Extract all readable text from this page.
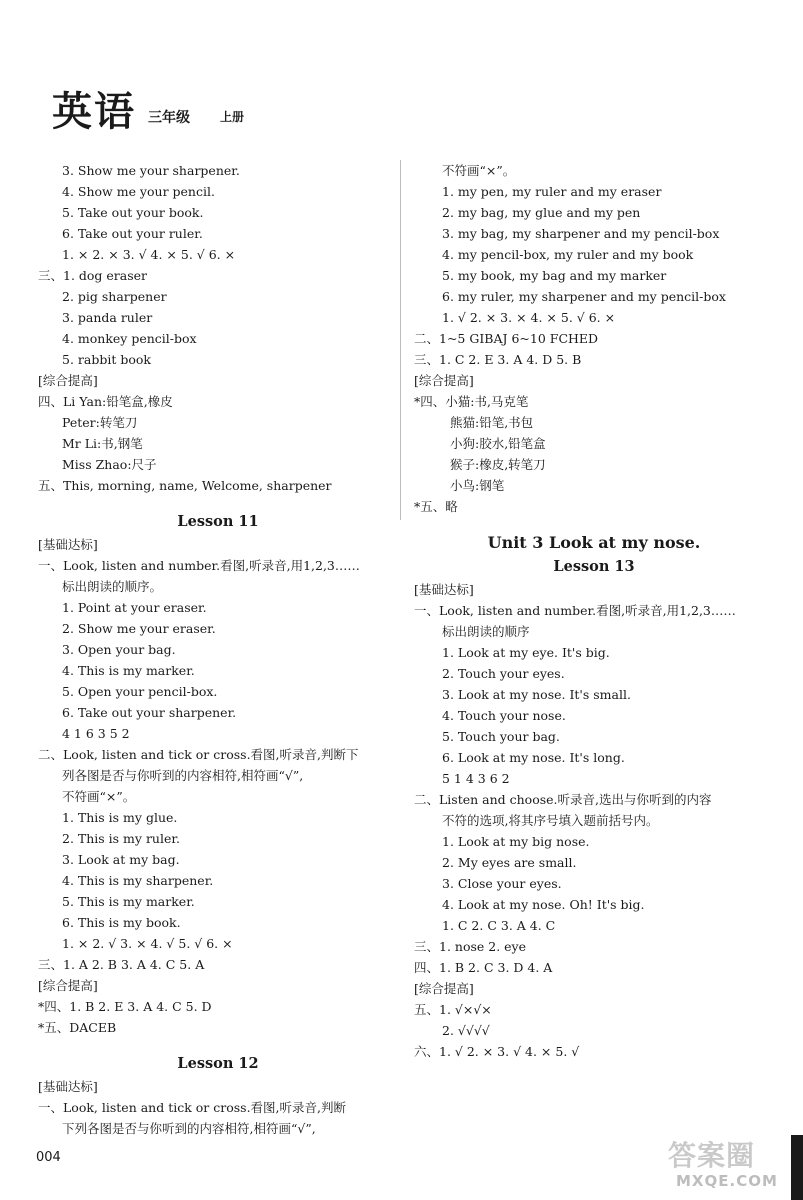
英语 三年级	上册
3. Show me your sharpener.
4. Show me your pencil.
5. Take out your book.
6. Take out your ruler.
1. × 2. × 3. √ 4. × 5. √ 6. ×
三、1. dog eraser
2. pig sharpener
3. panda ruler
4. monkey pencil-box
5. rabbit book
[综合提高]
四、Li Yan:铅笔盒,橡皮
Peter:转笔刀
Mr Li:书,钢笔
Miss Zhao:尺子
五、This, morning, name, Welcome, sharpener
Lesson 11
[基础达标]
一、Look, listen and number.看图,听录音,用1,2,3……
标出朗读的顺序。
1. Point at your eraser.
2. Show me your eraser.
3. Open your bag.
4. This is my marker.
5. Open your pencil-box.
6. Take out your sharpener.
4 1 6 3 5 2
二、Look, listen and tick or cross.看图,听录音,判断下
列各图是否与你听到的内容相符,相符画“√”,
不符画“×”。
1. This is my glue.
2. This is my ruler.
3. Look at my bag.
4. This is my sharpener.
5. This is my marker.
6. This is my book.
1. × 2. √ 3. × 4. √ 5. √ 6. ×
三、1. A 2. B 3. A 4. C 5. A
[综合提高]
*四、1. B 2. E 3. A 4. C 5. D
*五、DACEB
Lesson 12
[基础达标]
一、Look, listen and tick or cross.看图,听录音,判断
下列各图是否与你听到的内容相符,相符画“√”,
不符画“×”。
1. my pen, my ruler and my eraser
2. my bag, my glue and my pen
3. my bag, my sharpener and my pencil-box
4. my pencil-box, my ruler and my book
5. my book, my bag and my marker
6. my ruler, my sharpener and my pencil-box
1. √ 2. × 3. × 4. × 5. √ 6. ×
二、1~5 GIBAJ 6~10 FCHED
三、1. C 2. E 3. A 4. D 5. B
[综合提高]
*四、小猫:书,马克笔
熊猫:铅笔,书包
小狗:胶水,铅笔盒
猴子:橡皮,转笔刀
小鸟:钢笔
*五、略
Unit 3 Look at my nose.
Lesson 13
[基础达标]
一、Look, listen and number.看图,听录音,用1,2,3……
标出朗读的顺序
1. Look at my eye. It's big.
2. Touch your eyes.
3. Look at my nose. It's small.
4. Touch your nose.
5. Touch your bag.
6. Look at my nose. It's long.
5 1 4 3 6 2
二、Listen and choose.听录音,选出与你听到的内容
不符的选项,将其序号填入题前括号内。
1. Look at my big nose.
2. My eyes are small.
3. Close your eyes.
4. Look at my nose. Oh! It's big.
1. C 2. C 3. A 4. C
三、1. nose 2. eye
四、1. B 2. C 3. D 4. A
[综合提高]
五、1. √×√×
2. √√√√
六、1. √ 2. × 3. √ 4. × 5. √
004	答案圈
MXQE.COM
